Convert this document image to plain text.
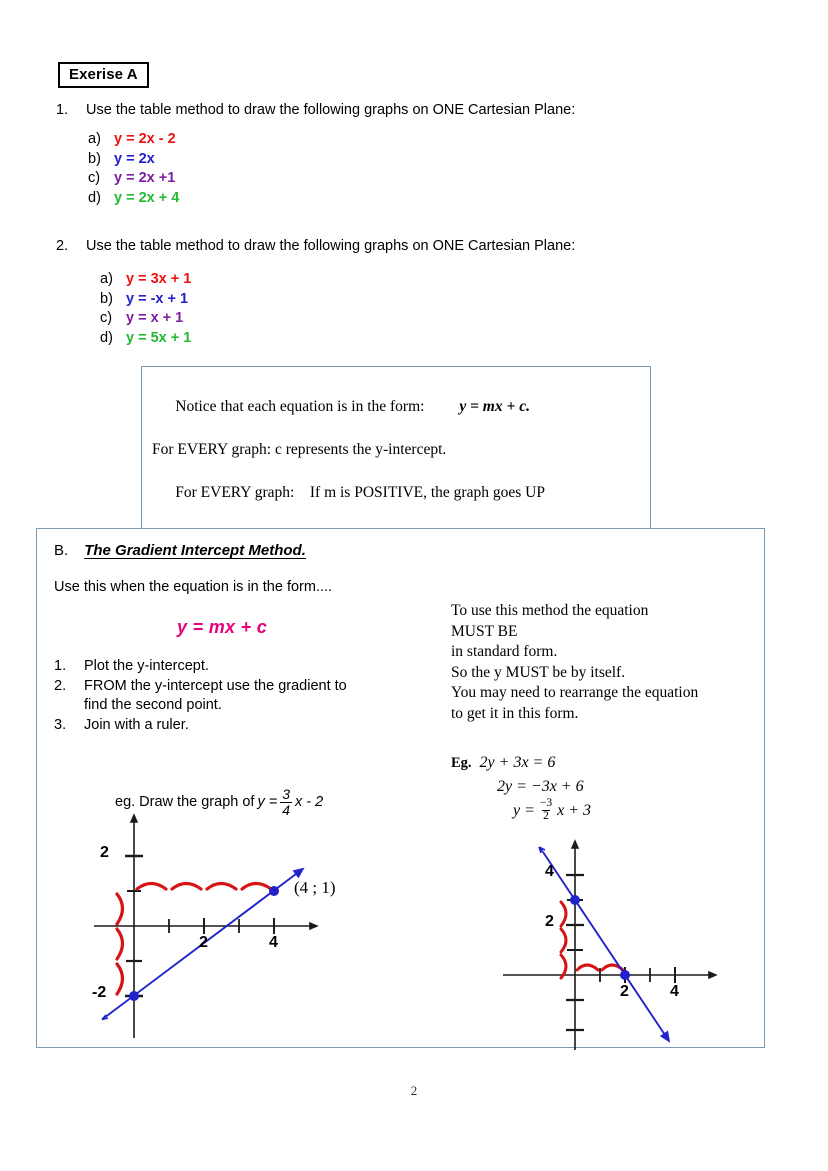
Exerise A
1.	Use the table method to draw the following graphs on ONE Cartesian Plane:
a) y = 2x - 2
b) y = 2x
c) y = 2x +1
d) y = 2x + 4
2.	Use the table method to draw the following graphs on ONE Cartesian Plane:
a) y = 3x + 1
b) y = -x + 1
c) y = x + 1
d) y = 5x + 1

Notice that each equation is in the form: y = mx + c.

For EVERY graph: c represents the y-intercept.

For EVERY graph: If m is POSITIVE, the graph goes UP

B. The Gradient Intercept Method.
Use this when the equation is in the form....
y = mx + c
1.	Plot the y-intercept.
2.	FROM the y-intercept use the gradient to find the second point.
3.	Join with a ruler.
To use this method the equation
MUST BE
in standard form.
So the y MUST be by itself.
You may need to rearrange the equation
to get it in this form.
Eg. 2y + 3x = 6
2y = −3x + 6
$y = \frac{-3}{2}$ x + 3
eg. Draw the graph of $y = \frac{3}{4}$ x - 2
2
-2
2	4
(4 ; 1)
4
2
2	4
2
